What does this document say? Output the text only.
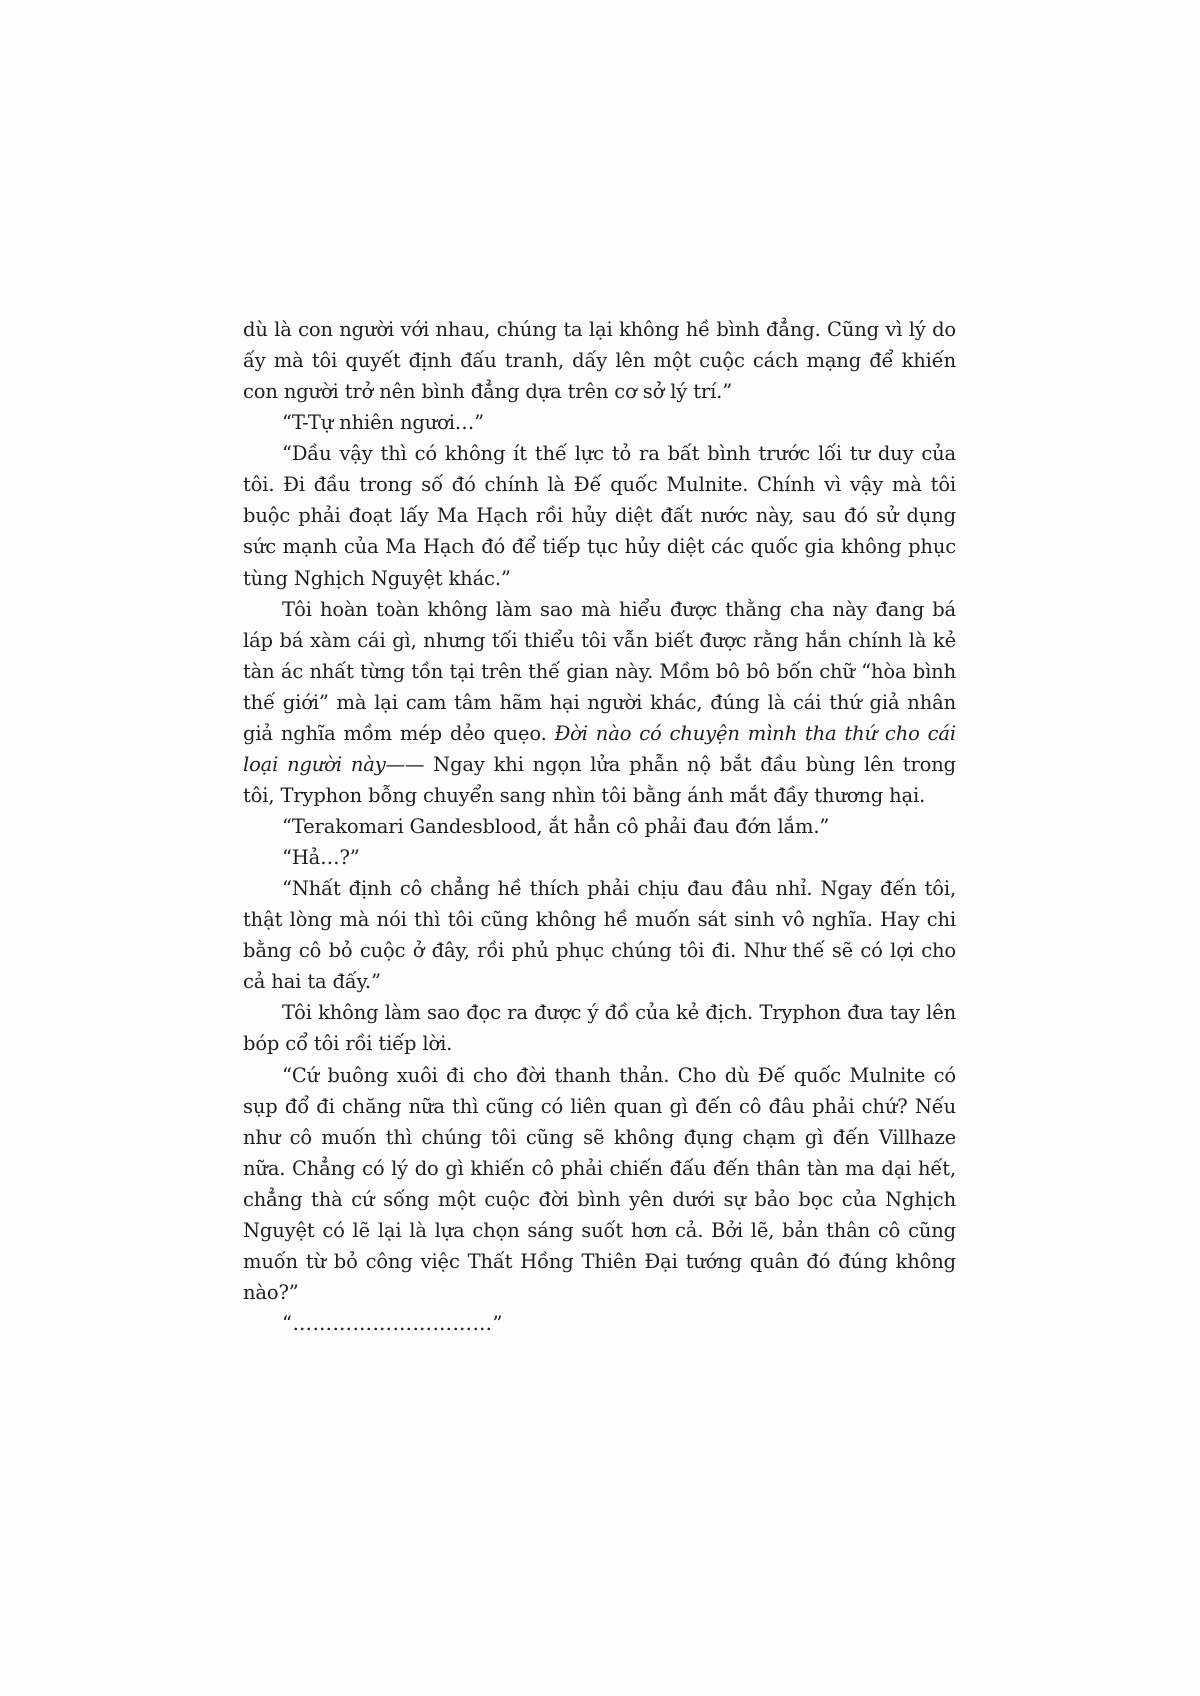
dù là con người với nhau, chúng ta lại không hề bình đẳng. Cũng vì lý do ấy mà tôi quyết định đấu tranh, dấy lên một cuộc cách mạng để khiến con người trở nên bình đẳng dựa trên cơ sở lý trí.”

“T-Tự nhiên ngươi…”

“Dầu vậy thì có không ít thế lực tỏ ra bất bình trước lối tư duy của tôi. Đi đầu trong số đó chính là Đế quốc Mulnite. Chính vì vậy mà tôi buộc phải đoạt lấy Ma Hạch rồi hủy diệt đất nước này, sau đó sử dụng sức mạnh của Ma Hạch đó để tiếp tục hủy diệt các quốc gia không phục tùng Nghịch Nguyệt khác.”

Tôi hoàn toàn không làm sao mà hiểu được thằng cha này đang bá láp bá xàm cái gì, nhưng tối thiểu tôi vẫn biết được rằng hắn chính là kẻ tàn ác nhất từng tồn tại trên thế gian này. Mồm bô bô bốn chữ “hòa bình thế giới” mà lại cam tâm hãm hại người khác, đúng là cái thứ giả nhân giả nghĩa mồm mép dẻo quẹo. Đời nào có chuyện mình tha thứ cho cái loại người này—— Ngay khi ngọn lửa phẫn nộ bắt đầu bùng lên trong tôi, Tryphon bỗng chuyển sang nhìn tôi bằng ánh mắt đầy thương hại.

“Terakomari Gandesblood, ắt hẳn cô phải đau đớn lắm.”

“Hả…?”

“Nhất định cô chẳng hề thích phải chịu đau đâu nhỉ. Ngay đến tôi, thật lòng mà nói thì tôi cũng không hề muốn sát sinh vô nghĩa. Hay chi bằng cô bỏ cuộc ở đây, rồi phủ phục chúng tôi đi. Như thế sẽ có lợi cho cả hai ta đấy.”

Tôi không làm sao đọc ra được ý đồ của kẻ địch. Tryphon đưa tay lên bóp cổ tôi rồi tiếp lời.

“Cứ buông xuôi đi cho đời thanh thản. Cho dù Đế quốc Mulnite có sụp đổ đi chăng nữa thì cũng có liên quan gì đến cô đâu phải chứ? Nếu như cô muốn thì chúng tôi cũng sẽ không đụng chạm gì đến Villhaze nữa. Chẳng có lý do gì khiến cô phải chiến đấu đến thân tàn ma dại hết, chẳng thà cứ sống một cuộc đời bình yên dưới sự bảo bọc của Nghịch Nguyệt có lẽ lại là lựa chọn sáng suốt hơn cả. Bởi lẽ, bản thân cô cũng muốn từ bỏ công việc Thất Hồng Thiên Đại tướng quân đó đúng không nào?”

“…………………………”
